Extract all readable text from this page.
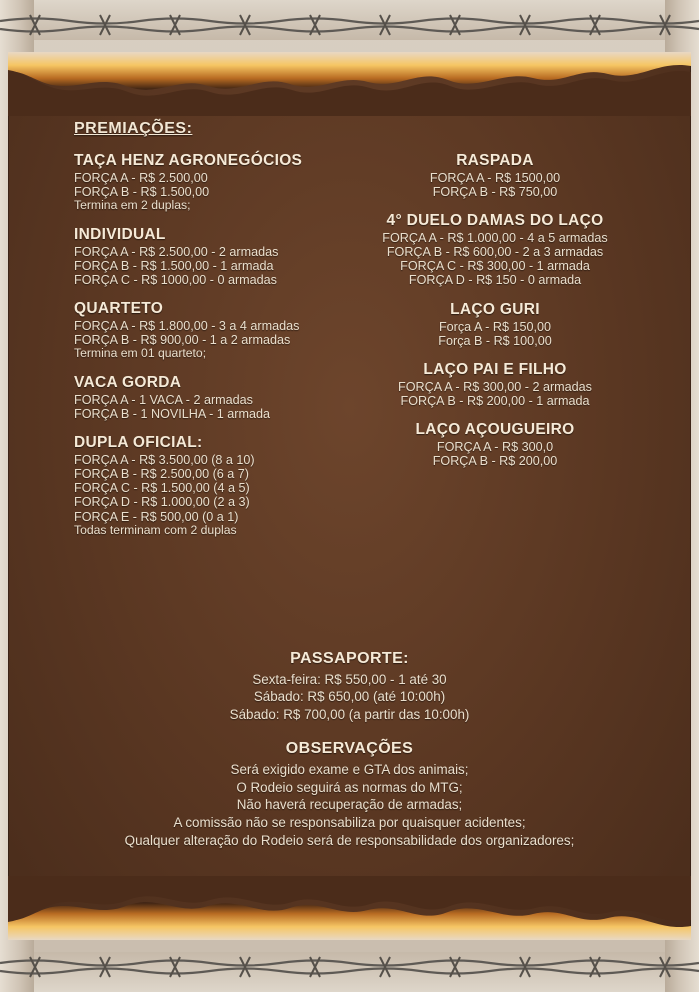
PREMIAÇÕES:
TAÇA HENZ AGRONEGÓCIOS

FORÇA A - R$ 2.500,00

FORÇA B - R$ 1.500,00

Termina em 2 duplas;

INDIVIDUAL

FORÇA A - R$ 2.500,00 - 2 armadas

FORÇA B - R$ 1.500,00 - 1 armada

FORÇA C - R$ 1000,00 - 0 armadas

QUARTETO

FORÇA A - R$ 1.800,00 - 3 a 4 armadas

FORÇA B - R$ 900,00 - 1 a 2 armadas

Termina em 01 quarteto;

VACA GORDA

FORÇA A - 1 VACA - 2 armadas

FORÇA B - 1 NOVILHA - 1 armada

DUPLA OFICIAL:

FORÇA A - R$ 3.500,00 (8 a 10)

FORÇA B - R$ 2.500,00 (6 a 7)

FORÇA C - R$ 1.500,00 (4 a 5)

FORÇA D - R$ 1.000,00 (2 a 3)

FORÇA E - R$ 500,00 (0 a 1)

Todas terminam com 2 duplas

RASPADA

FORÇA A - R$ 1500,00

FORÇA B - R$ 750,00

4° DUELO DAMAS DO LAÇO

FORÇA A - R$ 1.000,00 - 4 a 5 armadas

FORÇA B - R$ 600,00 - 2 a 3 armadas

FORÇA C - R$ 300,00 - 1 armada

FORÇA D - R$ 150 - 0 armada

LAÇO GURI

Força A - R$ 150,00

Força B - R$ 100,00

LAÇO PAI E FILHO

FORÇA A - R$ 300,00 - 2 armadas

FORÇA B - R$ 200,00 - 1 armada

LAÇO AÇOUGUEIRO

FORÇA A - R$ 300,0

FORÇA B - R$ 200,00

PASSAPORTE:

Sexta-feira: R$ 550,00 - 1 até 30

Sábado: R$ 650,00 (até 10:00h)

Sábado: R$ 700,00 (a partir das 10:00h)

OBSERVAÇÕES

Será exigido exame e GTA dos animais;

O Rodeio seguirá as normas do MTG;

Não haverá recuperação de armadas;

A comissão não se responsabiliza por quaisquer acidentes;

Qualquer alteração do Rodeio será de responsabilidade dos organizadores;
